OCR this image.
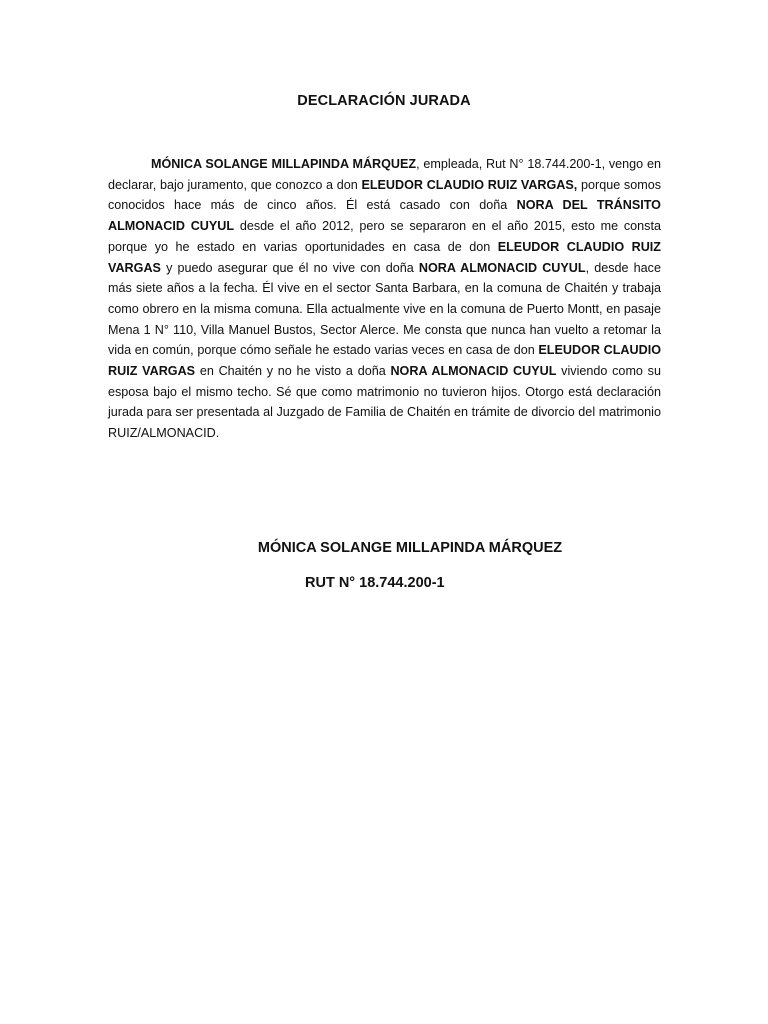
DECLARACIÓN JURADA

MÓNICA SOLANGE MILLAPINDA MÁRQUEZ, empleada, Rut N° 18.744.200-1, vengo en declarar, bajo juramento, que conozco a don ELEUDOR CLAUDIO RUIZ VARGAS, porque somos conocidos hace más de cinco años. Él está casado con doña NORA DEL TRÁNSITO ALMONACID CUYUL desde el año 2012, pero se separaron en el año 2015, esto me consta porque yo he estado en varias oportunidades en casa de don ELEUDOR CLAUDIO RUIZ VARGAS y puedo asegurar que él no vive con doña NORA ALMONACID CUYUL, desde hace más siete años a la fecha. Él vive en el sector Santa Barbara, en la comuna de Chaitén y trabaja como obrero en la misma comuna. Ella actualmente vive en la comuna de Puerto Montt, en pasaje Mena 1 N° 110, Villa Manuel Bustos, Sector Alerce. Me consta que nunca han vuelto a retomar la vida en común, porque cómo señale he estado varias veces en casa de don ELEUDOR CLAUDIO RUIZ VARGAS en Chaitén y no he visto a doña NORA ALMONACID CUYUL viviendo como su esposa bajo el mismo techo. Sé que como matrimonio no tuvieron hijos. Otorgo está declaración jurada para ser presentada al Juzgado de Familia de Chaitén en trámite de divorcio del matrimonio RUIZ/ALMONACID.

MÓNICA SOLANGE MILLAPINDA MÁRQUEZ
RUT N° 18.744.200-1
